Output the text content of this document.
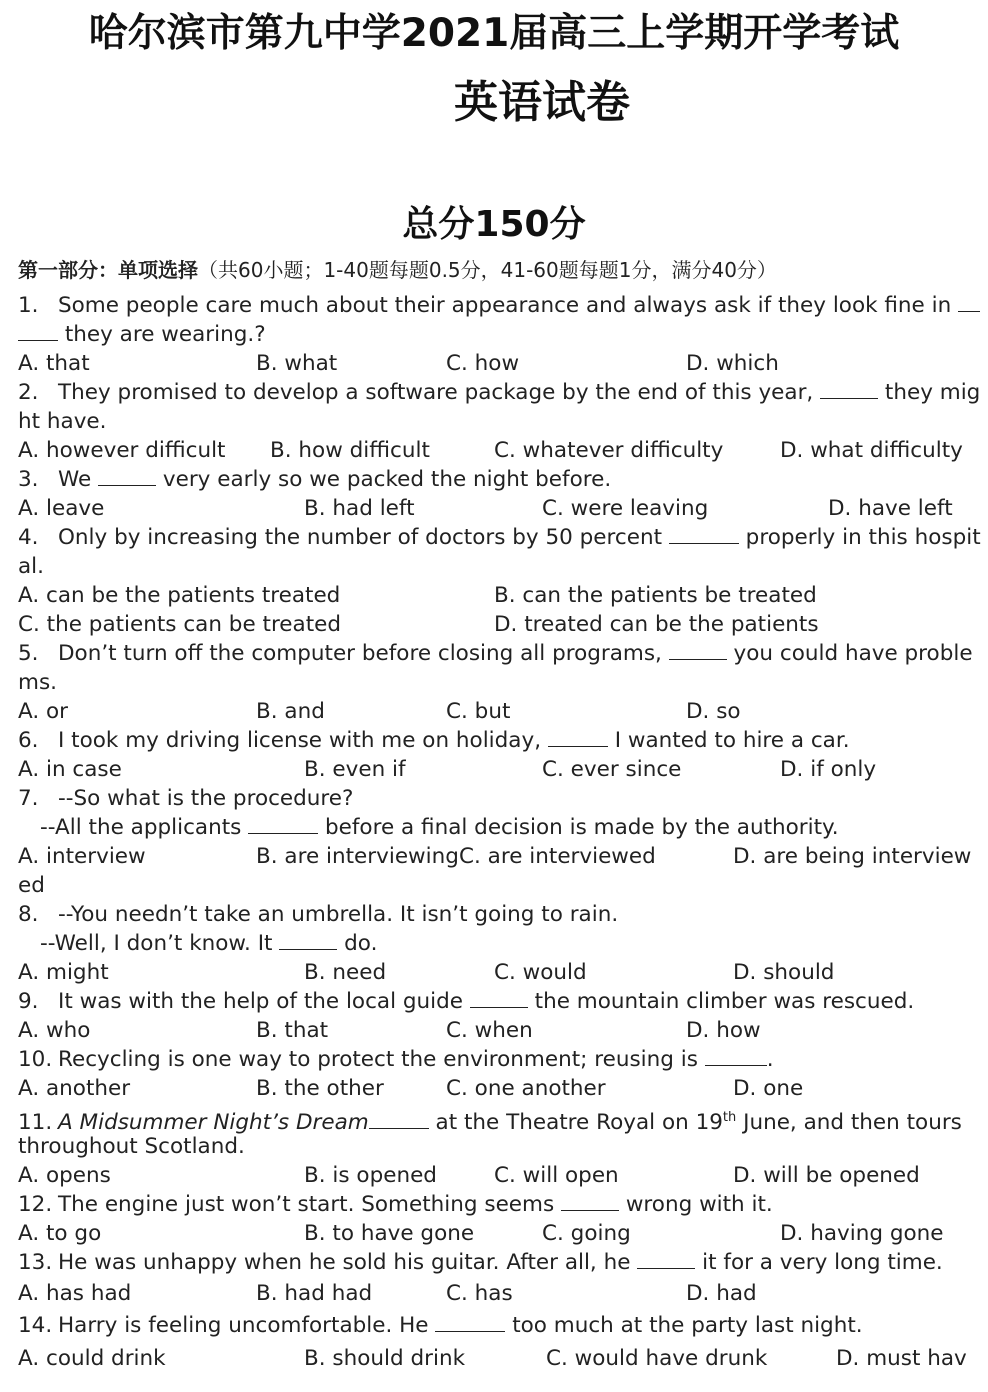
哈尔滨市第九中学2021届高三上学期开学考试
英语试卷
总分150分
第一部分：单项选择（共60小题；1-40题每题0.5分，41-60题每题1分，满分40分）
1. Some people care much about their appearance and always ask if they look fine in
they are wearing.?
A. that	B. what	C. how	D. which
2. They promised to develop a software package by the end of this year,	they mig
ht have.
A. however difficult B. how difficult	C. whatever difficulty	D. what difficulty
3. We	very early so we packed the night before.
A. leave	B. had left	C. were leaving	D. have left
4. Only by increasing the number of doctors by 50 percent	properly in this hospit
al.
A. can be the patients treated	B. can the patients be treated
C. the patients can be treated	D. treated can be the patients
5. Don’t turn off the computer before closing all programs,	you could have proble
ms.
A. or	B. and	C. but	D. so
6. I took my driving license with me on holiday,	I wanted to hire a car.
A. in case	B. even if	C. ever since	D. if only
7. --So what is the procedure?
--All the applicants	before a final decision is made by the authority.
A. interview	B. are interviewing C. are interviewed	D. are being interview
ed
8. --You needn’t take an umbrella. It isn’t going to rain.
--Well, I don’t know. It	do.
A. might	B. need	C. would	D. should
9. It was with the help of the local guide	the mountain climber was rescued.
A. who	B. that	C. when	D. how
10. Recycling is one way to protect the environment; reusing is	.
A. another	B. the other	C. one another	D. one
11. A Midsummer Night’s Dream	at the Theatre Royal on 19th June, and then tours
throughout Scotland.
A. opens	B. is opened	C. will open	D. will be opened
12. The engine just won’t start. Something seems	wrong with it.
A. to go	B. to have gone	C. going	D. having gone
13. He was unhappy when he sold his guitar. After all, he	it for a very long time.
A. has had	B. had had	C. has	D. had
14. Harry is feeling uncomfortable. He	too much at the party last night.
A. could drink	B. should drink	C. would have drunk	D. must hav
